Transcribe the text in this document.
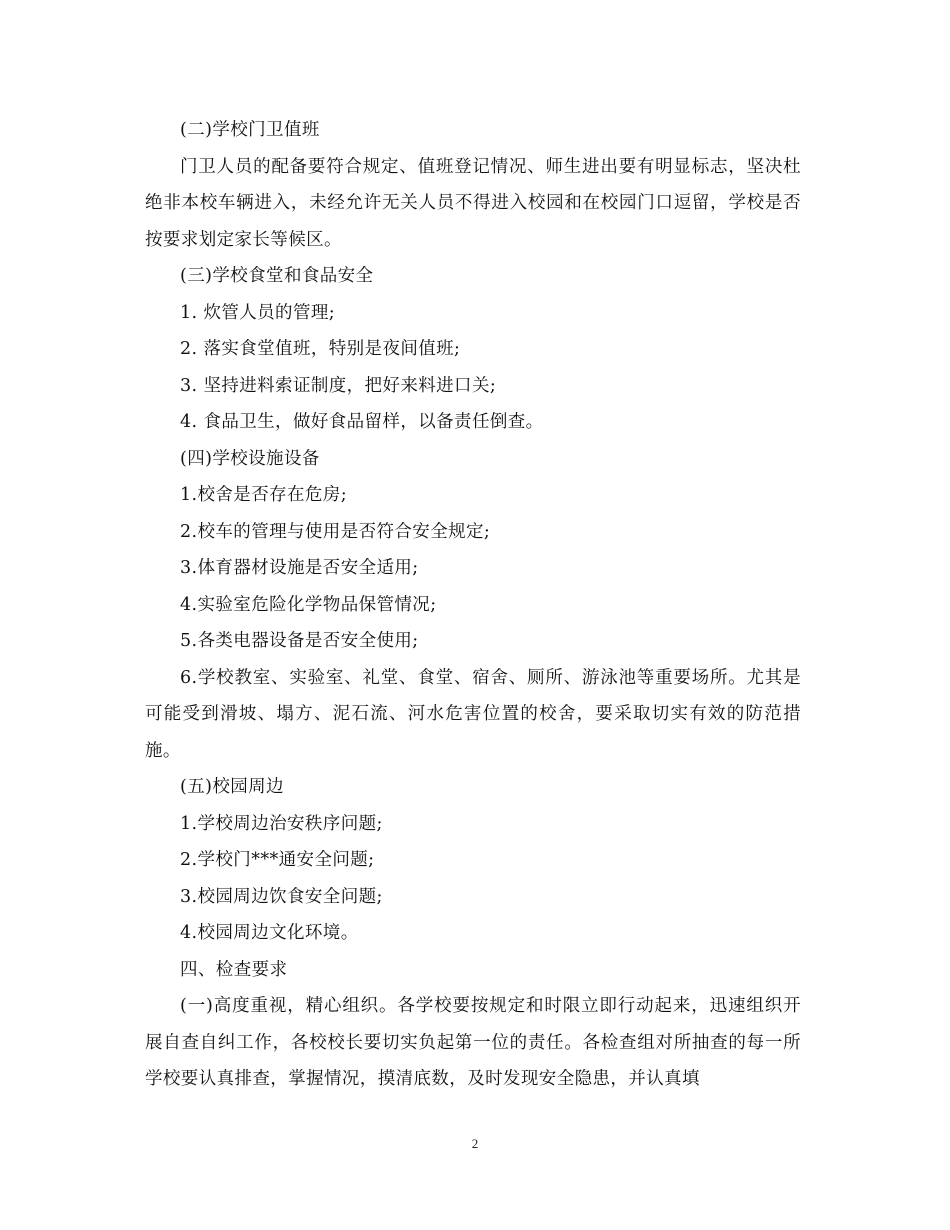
(二)学校门卫值班

门卫人员的配备要符合规定、值班登记情况、师生进出要有明显标志，坚决杜绝非本校车辆进入，未经允许无关人员不得进入校园和在校园门口逗留，学校是否按要求划定家长等候区。

(三)学校食堂和食品安全

1. 炊管人员的管理;

2. 落实食堂值班，特别是夜间值班;

3. 坚持进料索证制度，把好来料进口关;

4. 食品卫生，做好食品留样，以备责任倒查。

(四)学校设施设备

1.校舍是否存在危房;

2.校车的管理与使用是否符合安全规定;

3.体育器材设施是否安全适用;

4.实验室危险化学物品保管情况;

5.各类电器设备是否安全使用;

6.学校教室、实验室、礼堂、食堂、宿舍、厕所、游泳池等重要场所。尤其是可能受到滑坡、塌方、泥石流、河水危害位置的校舍，要采取切实有效的防范措施。

(五)校园周边

1.学校周边治安秩序问题;

2.学校门***通安全问题;

3.校园周边饮食安全问题;

4.校园周边文化环境。

四、检查要求

(一)高度重视，精心组织。各学校要按规定和时限立即行动起来，迅速组织开展自查自纠工作，各校校长要切实负起第一位的责任。各检查组对所抽查的每一所学校要认真排查，掌握情况，摸清底数，及时发现安全隐患，并认真填

2
